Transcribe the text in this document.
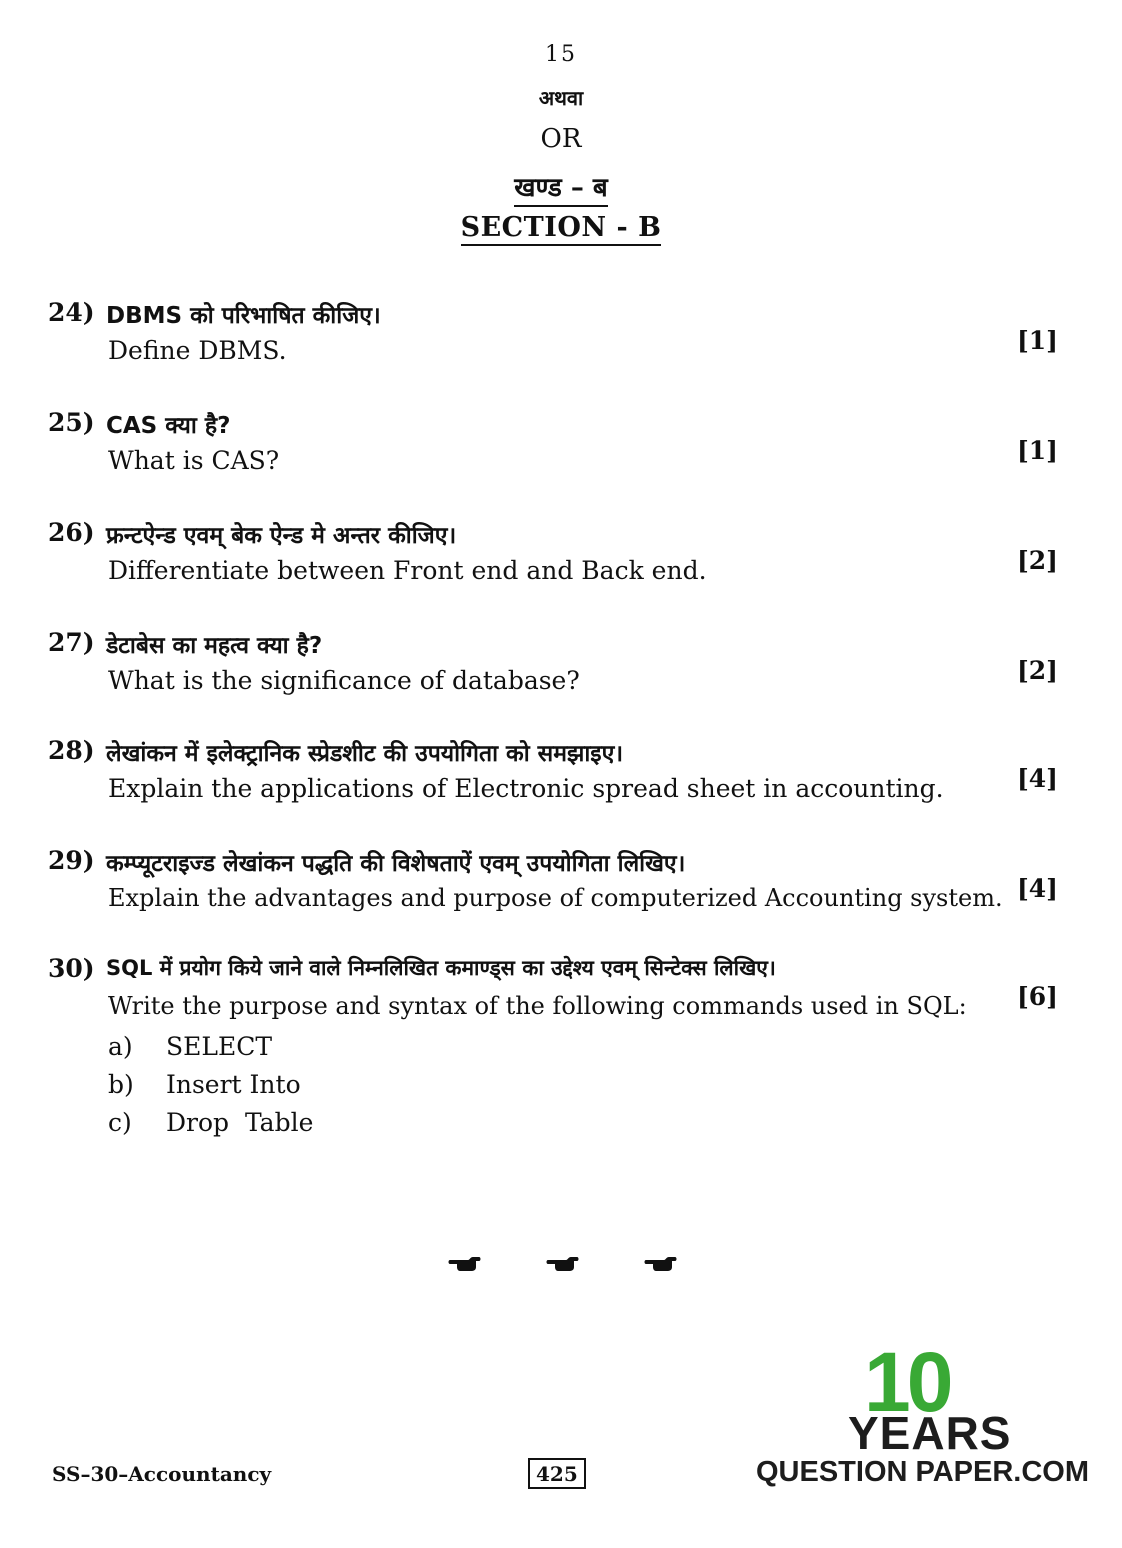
15
अथवा
OR
खण्ड – ब
SECTION - B
24) DBMS को परिभाषित कीजिए।
Define DBMS.	[1]
25) CAS क्या है?
What is CAS?	[1]
26) फ्रन्टऐन्ड एवम् बेक ऐन्ड मे अन्तर कीजिए।
Differentiate between Front end and Back end.	[2]
27) डेटाबेस का महत्व क्या है?
What is the significance of database?	[2]
28) लेखांकन में इलेक्ट्रानिक स्प्रेडशीट की उपयोगिता को समझाइए।
Explain the applications of Electronic spread sheet in accounting.	[4]
29) कम्प्यूटराइज्ड लेखांकन पद्धति की विशेषताऐं एवम् उपयोगिता लिखिए।
Explain the advantages and purpose of computerized Accounting system. [4]
30) SQL में प्रयोग किये जाने वाले निम्नलिखित कमाण्ड्स का उद्देश्य एवम् सिन्टेक्स लिखिए।
Write the purpose and syntax of the following commands used in SQL: [6]
a) SELECT
b) Insert Into
c) Drop  Table
SS–30–Accountancy	425
10
YEARS
QUESTION PAPER.COM
